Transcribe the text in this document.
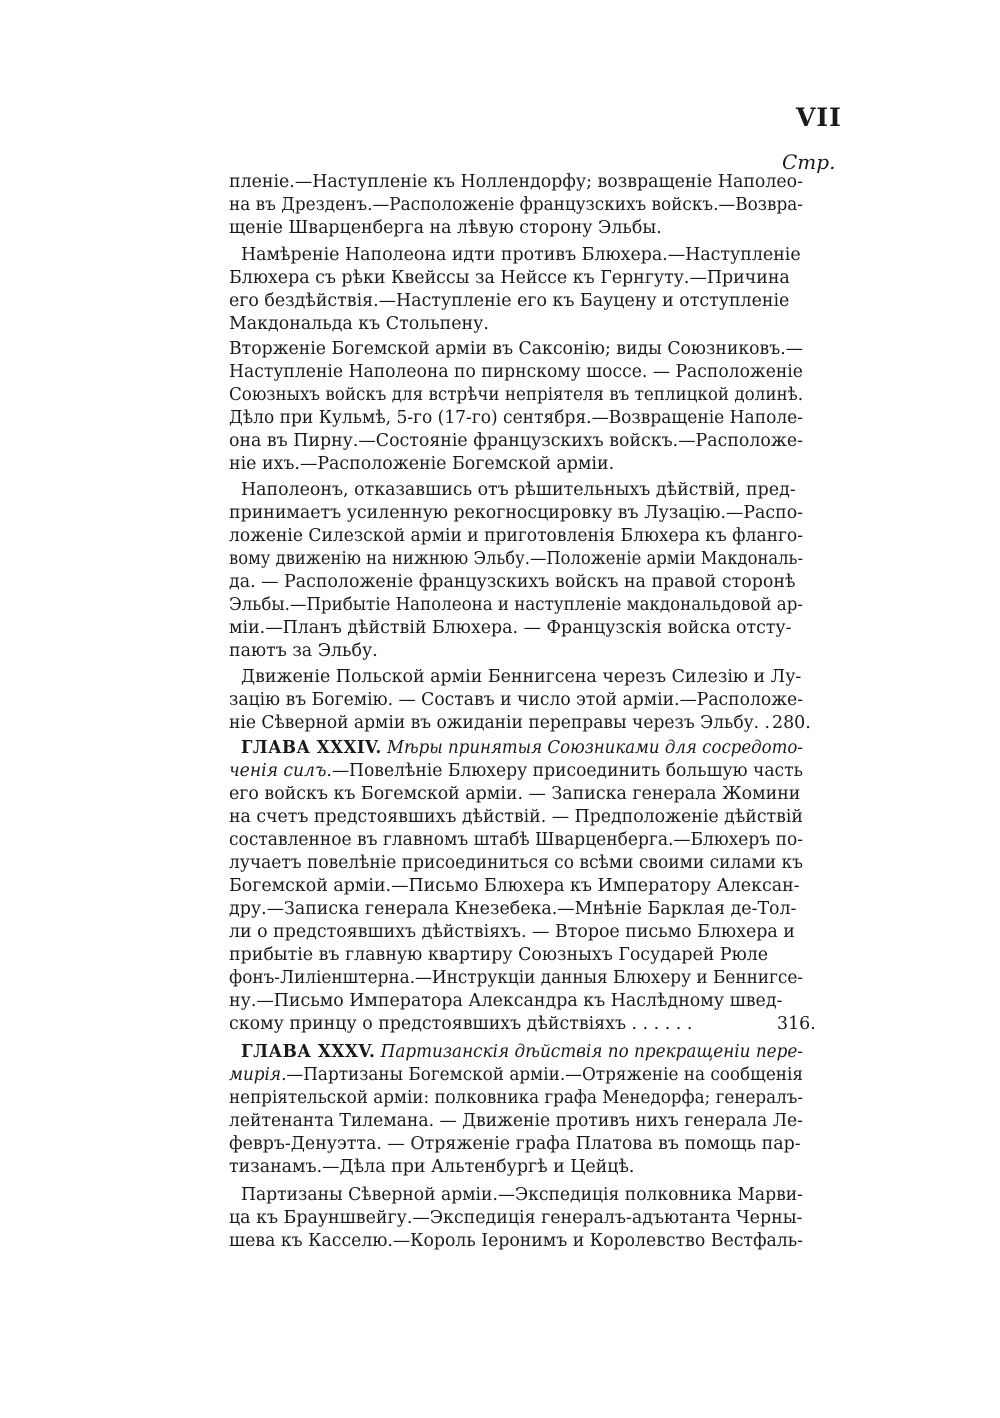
VII
Стр.
пленіе.—Наступленіе къ Ноллендорфу; возвращеніе Наполео-
на въ Дрезденъ.—Расположеніе французскихъ войскъ.—Возвра-
щеніе Шварценберга на лѣвую сторону Эльбы.
Намѣреніе Наполеона идти противъ Блюхера.—Наступленіе
Блюхера съ рѣки Квейссы за Нейссе къ Гернгуту.—Причина
его бездѣйствія.—Наступленіе его къ Бауцену и отступленіе
Макдональда къ Стольпену.
Вторженіе Богемской арміи въ Саксонію; виды Союзниковъ.—
Наступленіе Наполеона по пирнскому шоссе. — Расположеніе
Союзныхъ войскъ для встрѣчи непріятеля въ теплицкой долинѣ.
Дѣло при Кульмѣ, 5-го (17-го) сентября.—Возвращеніе Наполе-
она въ Пирну.—Состояніе французскихъ войскъ.—Расположе-
ніе ихъ.—Расположеніе Богемской арміи.
Наполеонъ, отказавшись отъ рѣшительныхъ дѣйствій, пред-
принимаетъ усиленную рекогносцировку въ Лузацію.—Распо-
ложеніе Силезской арміи и приготовленія Блюхера къ фланго-
вому движенію на нижнюю Эльбу.—Положеніе арміи Макдональ-
да. — Расположеніе французскихъ войскъ на правой сторонѣ
Эльбы.—Прибытіе Наполеона и наступленіе макдональдовой ар-
міи.—Планъ дѣйствій Блюхера. — Французскія войска отсту-
паютъ за Эльбу.
Движеніе Польской арміи Беннигсена черезъ Силезію и Лу-
зацію въ Богемію. — Составъ и число этой арміи.—Расположе-
ніе Сѣверной арміи въ ожиданіи переправы черезъ Эльбу. . 280.
ГЛАВА XXXIV. Мѣры принятыя Союзниками для сосредото-
ченія силъ.—Повелѣніе Блюхеру присоединить большую часть
его войскъ къ Богемской арміи. — Записка генерала Жомини
на счетъ предстоявшихъ дѣйствій. — Предположеніе дѣйствій
составленное въ главномъ штабѣ Шварценберга.—Блюхеръ по-
лучаетъ повелѣніе присоединиться со всѣми своими силами къ
Богемской арміи.—Письмо Блюхера къ Императору Алексан-
дру.—Записка генерала Кнезебека.—Мнѣніе Барклая де-Тол-
ли о предстоявшихъ дѣйствіяхъ. — Второе письмо Блюхера и
прибытіе въ главную квартиру Союзныхъ Государей Рюле
фонъ-Лиліенштерна.—Инструкціи данныя Блюхеру и Беннигсе-
ну.—Письмо Императора Александра къ Наслѣдному швед-
скому принцу о предстоявшихъ дѣйствіяхъ . . . . . .	316.
ГЛАВА XXXV. Партизанскія дѣйствія по прекращеніи пере-
мирія.—Партизаны Богемской арміи.—Отряженіе на сообщенія
непріятельской арміи: полковника графа Менедорфа; генералъ-
лейтенанта Тилемана. — Движеніе противъ нихъ генерала Ле-
февръ-Денуэтта. — Отряженіе графа Платова въ помощь пар-
тизанамъ.—Дѣла при Альтенбургѣ и Цейцѣ.
Партизаны Сѣверной арміи.—Экспедиція полковника Марви-
ца къ Брауншвейгу.—Экспедиція генералъ-адъютанта Черны-
шева къ Касселю.—Король Іеронимъ и Королевство Вестфаль-
